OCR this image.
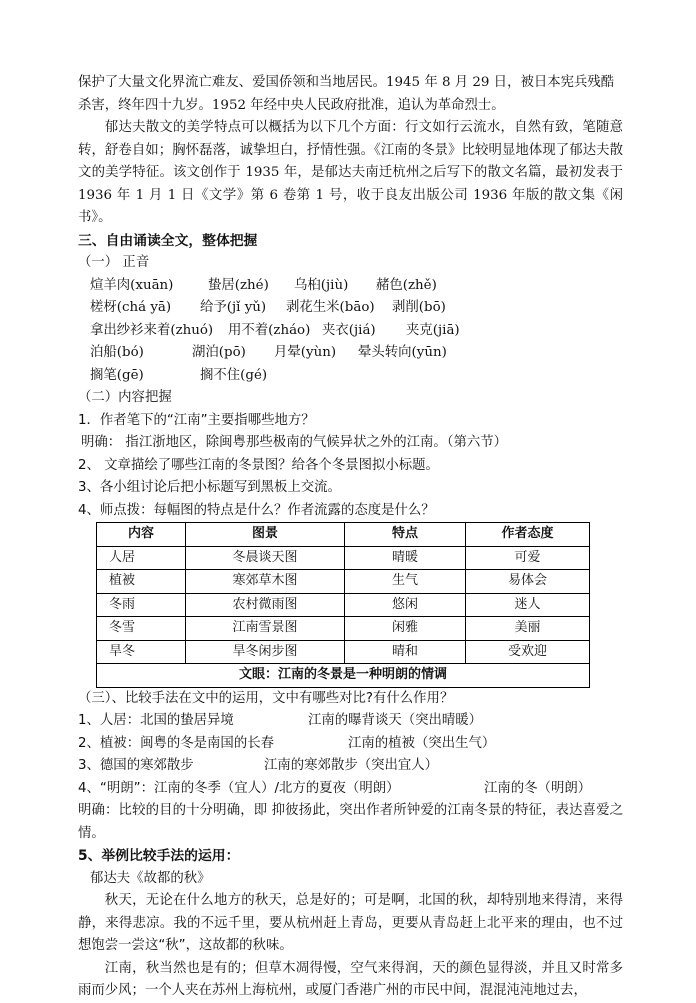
保护了大量文化界流亡难友、爱国侨领和当地居民。1945 年 8 月 29 日，被日本宪兵残酷

杀害，终年四十九岁。1952 年经中央人民政府批准，追认为革命烈士。

郁达夫散文的美学特点可以概括为以下几个方面：行文如行云流水，自然有致，笔随意转，舒卷自如；胸怀磊落，诚挚坦白，抒情性强。《江南的冬景》比较明显地体现了郁达夫散文的美学特征。该文创作于 1935 年，是郁达夫南迁杭州之后写下的散文名篇，最初发表于 1936 年 1 月 1 日《文学》第 6 卷第 1 号，收于良友出版公司 1936 年版的散文集《闲书》。

三、自由诵读全文，整体把握

（一） 正音

煊羊肉(xuān)	蛰居(zhé)	乌桕(jiù)	赭色(zhě)
槎枒(chá yā)	给予(jǐ yǔ)	剥花生米(bāo)	剥削(bō)
拿出纱衫来着(zhuó)	用不着(zháo) 夹衣(jiá)	夹克(jiā)
泊船(bó)	湖泊(pō)	月晕(yùn)	晕头转向(yūn)
搁笔(gē)	搁不住(gé)

（二）内容把握

1．作者笔下的“江南”主要指哪些地方？

明确： 指江浙地区，除闽粤那些极南的气候异状之外的江南。（第六节）

2、 文章描绘了哪些江南的冬景图？给各个冬景图拟小标题。

3、各小组讨论后把小标题写到黑板上交流。

4、师点拨：每幅图的特点是什么？作者流露的态度是什么？

内容	图景	特点	作者态度
人居	冬晨谈天图	晴暖	可爱
植被	寒郊草木图	生气	易体会
冬雨	农村微雨图	悠闲	迷人
冬雪	江南雪景图	闲雅	美丽
旱冬	旱冬闲步图	晴和	受欢迎
文眼：江南的冬景是一种明朗的情调			

（三）、比较手法在文中的运用，文中有哪些对比?有什么作用？

1、人居：北国的蛰居异境	江南的曝背谈天（突出晴暖）
2、植被：闽粤的冬是南国的长春	江南的植被（突出生气）
3、德国的寒郊散步	江南的寒郊散步（突出宜人）
4、“明朗”：江南的冬季（宜人）/北方的夏夜（明朗）	江南的冬（明朗）

明确：比较的目的十分明确，即 抑彼扬此，突出作者所钟爱的江南冬景的特征，表达喜爱之情。

5、举例比较手法的运用：

郁达夫《故都的秋》

秋天，无论在什么地方的秋天，总是好的；可是啊，北国的秋，却特别地来得清，来得静，来得悲凉。我的不远千里，要从杭州赶上青岛，更要从青岛赶上北平来的理由，也不过想饱尝一尝这“秋”，这故都的秋味。

江南，秋当然也是有的；但草木凋得慢，空气来得润，天的颜色显得淡，并且又时常多雨而少风；一个人夹在苏州上海杭州，或厦门香港广州的市民中间，混混沌沌地过去，
